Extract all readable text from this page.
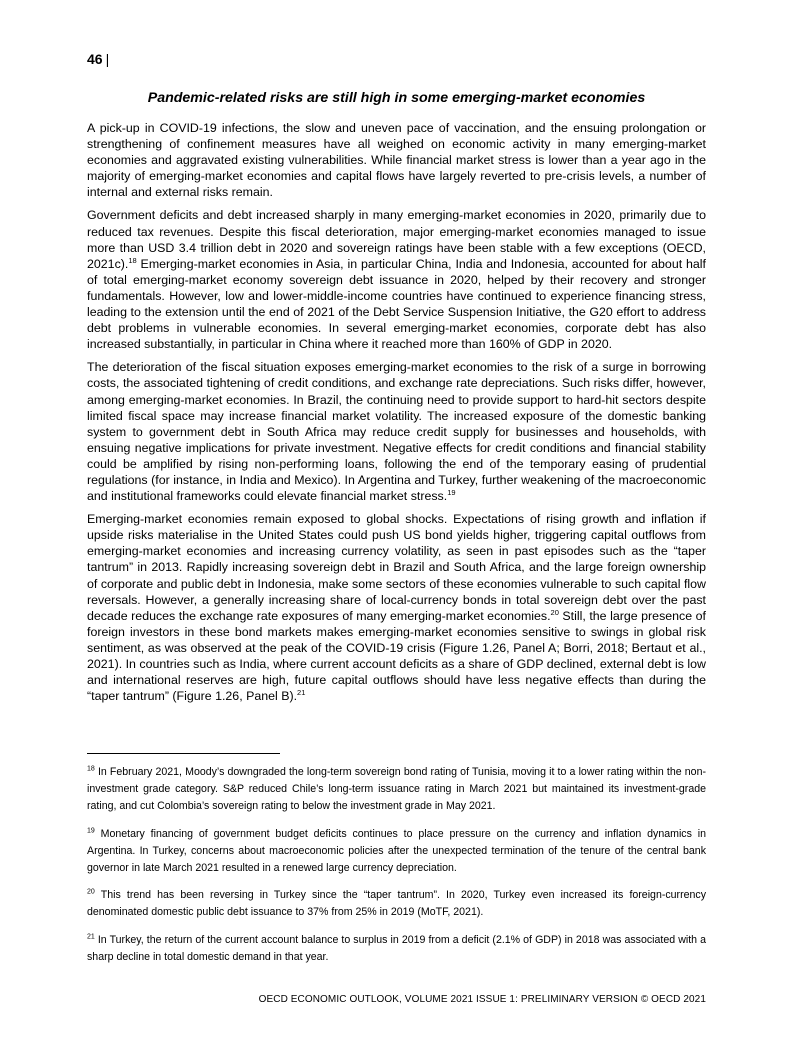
46 |
Pandemic-related risks are still high in some emerging-market economies

A pick-up in COVID-19 infections, the slow and uneven pace of vaccination, and the ensuing prolongation or strengthening of confinement measures have all weighed on economic activity in many emerging-market economies and aggravated existing vulnerabilities. While financial market stress is lower than a year ago in the majority of emerging-market economies and capital flows have largely reverted to pre-crisis levels, a number of internal and external risks remain.

Government deficits and debt increased sharply in many emerging-market economies in 2020, primarily due to reduced tax revenues. Despite this fiscal deterioration, major emerging-market economies managed to issue more than USD 3.4 trillion debt in 2020 and sovereign ratings have been stable with a few exceptions (OECD, 2021c).$^{18}$ Emerging-market economies in Asia, in particular China, India and Indonesia, accounted for about half of total emerging-market economy sovereign debt issuance in 2020, helped by their recovery and stronger fundamentals. However, low and lower-middle-income countries have continued to experience financing stress, leading to the extension until the end of 2021 of the Debt Service Suspension Initiative, the G20 effort to address debt problems in vulnerable economies. In several emerging-market economies, corporate debt has also increased substantially, in particular in China where it reached more than 160% of GDP in 2020.

The deterioration of the fiscal situation exposes emerging-market economies to the risk of a surge in borrowing costs, the associated tightening of credit conditions, and exchange rate depreciations. Such risks differ, however, among emerging-market economies. In Brazil, the continuing need to provide support to hard-hit sectors despite limited fiscal space may increase financial market volatility. The increased exposure of the domestic banking system to government debt in South Africa may reduce credit supply for businesses and households, with ensuing negative implications for private investment. Negative effects for credit conditions and financial stability could be amplified by rising non-performing loans, following the end of the temporary easing of prudential regulations (for instance, in India and Mexico). In Argentina and Turkey, further weakening of the macroeconomic and institutional frameworks could elevate financial market stress.$^{19}$

Emerging-market economies remain exposed to global shocks. Expectations of rising growth and inflation if upside risks materialise in the United States could push US bond yields higher, triggering capital outflows from emerging-market economies and increasing currency volatility, as seen in past episodes such as the “taper tantrum” in 2013. Rapidly increasing sovereign debt in Brazil and South Africa, and the large foreign ownership of corporate and public debt in Indonesia, make some sectors of these economies vulnerable to such capital flow reversals. However, a generally increasing share of local-currency bonds in total sovereign debt over the past decade reduces the exchange rate exposures of many emerging-market economies.$^{20}$ Still, the large presence of foreign investors in these bond markets makes emerging-market economies sensitive to swings in global risk sentiment, as was observed at the peak of the COVID-19 crisis (Figure 1.26, Panel A; Borri, 2018; Bertaut et al., 2021). In countries such as India, where current account deficits as a share of GDP declined, external debt is low and international reserves are high, future capital outflows should have less negative effects than during the “taper tantrum” (Figure 1.26, Panel B).$^{21}$

$^{18}$ In February 2021, Moody’s downgraded the long-term sovereign bond rating of Tunisia, moving it to a lower rating within the non-investment grade category. S&P reduced Chile’s long-term issuance rating in March 2021 but maintained its investment-grade rating, and cut Colombia’s sovereign rating to below the investment grade in May 2021.

$^{19}$ Monetary financing of government budget deficits continues to place pressure on the currency and inflation dynamics in Argentina. In Turkey, concerns about macroeconomic policies after the unexpected termination of the tenure of the central bank governor in late March 2021 resulted in a renewed large currency depreciation.

$^{20}$ This trend has been reversing in Turkey since the “taper tantrum”. In 2020, Turkey even increased its foreign-currency denominated domestic public debt issuance to 37% from 25% in 2019 (MoTF, 2021).

$^{21}$ In Turkey, the return of the current account balance to surplus in 2019 from a deficit (2.1% of GDP) in 2018 was associated with a sharp decline in total domestic demand in that year.

OECD ECONOMIC OUTLOOK, VOLUME 2021 ISSUE 1: PRELIMINARY VERSION © OECD 2021
